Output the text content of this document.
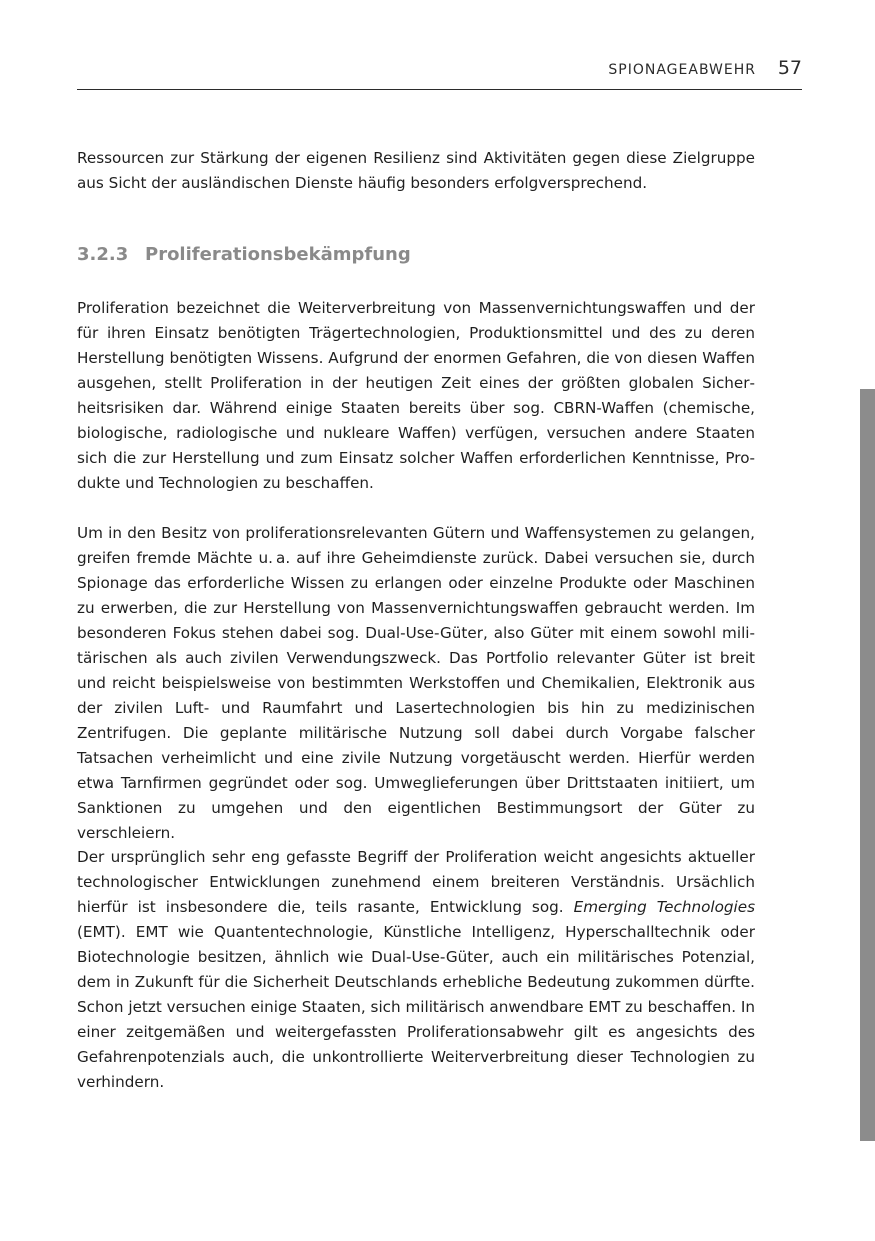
SPIONAGEABWEHR 57

Ressourcen zur Stärkung der eigenen Resilienz sind Aktivitäten gegen diese Zielgruppe aus Sicht der ausländischen Dienste häufig besonders erfolgversprechend.

3.2.3 Proliferationsbekämpfung

Proliferation bezeichnet die Weiterverbreitung von Massenvernichtungswaffen und der für ihren Einsatz benötigten Trägertechnologien, Produktionsmittel und des zu deren Herstellung benötigten Wissens. Aufgrund der enormen Gefahren, die von diesen Waffen ausgehen, stellt Proliferation in der heutigen Zeit eines der größten globalen Sicherheitsrisiken dar. Während einige Staaten bereits über sog. CBRN-Waffen (chemische, biologische, radiologische und nukleare Waffen) verfügen, versuchen andere Staaten sich die zur Herstellung und zum Einsatz solcher Waffen erforderlichen Kenntnisse, Produkte und Technologien zu beschaffen.

Um in den Besitz von proliferationsrelevanten Gütern und Waffensystemen zu gelangen, greifen fremde Mächte u. a. auf ihre Geheimdienste zurück. Dabei versuchen sie, durch Spionage das erforderliche Wissen zu erlangen oder einzelne Produkte oder Maschinen zu erwerben, die zur Herstellung von Massenvernichtungswaffen gebraucht werden. Im besonderen Fokus stehen dabei sog. Dual-Use-Güter, also Güter mit einem sowohl militärischen als auch zivilen Verwendungszweck. Das Portfolio relevanter Güter ist breit und reicht beispielsweise von bestimmten Werkstoffen und Chemikalien, Elektronik aus der zivilen Luft- und Raumfahrt und Lasertechnologien bis hin zu medizinischen Zentrifugen. Die geplante militärische Nutzung soll dabei durch Vorgabe falscher Tatsachen verheimlicht und eine zivile Nutzung vorgetäuscht werden. Hierfür werden etwa Tarnfirmen gegründet oder sog. Umweglieferungen über Drittstaaten initiiert, um Sanktionen zu umgehen und den eigentlichen Bestimmungsort der Güter zu verschleiern.

Der ursprünglich sehr eng gefasste Begriff der Proliferation weicht angesichts aktueller technologischer Entwicklungen zunehmend einem breiteren Verständnis. Ursächlich hierfür ist insbesondere die, teils rasante, Entwicklung sog. Emerging Technologies (EMT). EMT wie Quantentechnologie, Künstliche Intelligenz, Hyperschalltechnik oder Biotechnologie besitzen, ähnlich wie Dual-Use-Güter, auch ein militärisches Potenzial, dem in Zukunft für die Sicherheit Deutschlands erhebliche Bedeutung zukommen dürfte. Schon jetzt versuchen einige Staaten, sich militärisch anwendbare EMT zu beschaffen. In einer zeitgemäßen und weitergefassten Proliferationsabwehr gilt es angesichts des Gefahrenpotenzials auch, die unkontrollierte Weiterverbreitung dieser Technologien zu verhindern.
